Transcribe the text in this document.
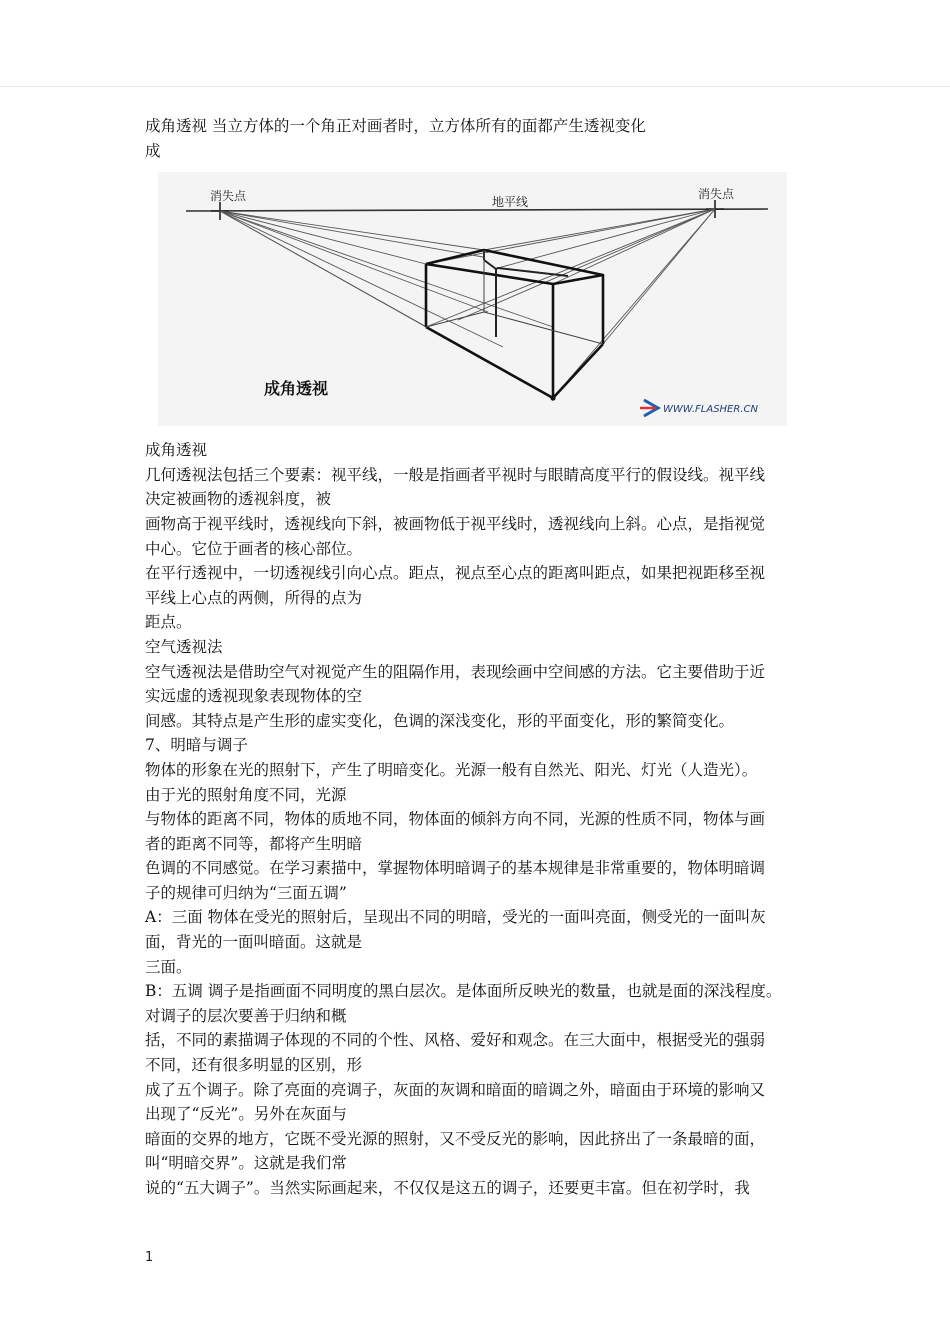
成角透视 当立方体的一个角正对画者时，立方体所有的面都产生透视变化
成
消失点	地平线
消失点
成角透视
WWW.FLASHER.CN
成角透视
几何透视法包括三个要素：视平线，一般是指画者平视时与眼睛高度平行的假设线。视平线
决定被画物的透视斜度，被
画物高于视平线时，透视线向下斜，被画物低于视平线时，透视线向上斜。心点，是指视觉
中心。它位于画者的核心部位。
在平行透视中，一切透视线引向心点。距点，视点至心点的距离叫距点，如果把视距移至视
平线上心点的两侧，所得的点为
距点。
空气透视法
空气透视法是借助空气对视觉产生的阻隔作用，表现绘画中空间感的方法。它主要借助于近
实远虚的透视现象表现物体的空
间感。其特点是产生形的虚实变化，色调的深浅变化，形的平面变化，形的繁简变化。
7、明暗与调子
物体的形象在光的照射下，产生了明暗变化。光源一般有自然光、阳光、灯光（人造光）。
由于光的照射角度不同，光源
与物体的距离不同，物体的质地不同，物体面的倾斜方向不同，光源的性质不同，物体与画
者的距离不同等，都将产生明暗
色调的不同感觉。在学习素描中，掌握物体明暗调子的基本规律是非常重要的，物体明暗调
子的规律可归纳为“三面五调”
A：三面 物体在受光的照射后，呈现出不同的明暗，受光的一面叫亮面，侧受光的一面叫灰
面，背光的一面叫暗面。这就是
三面。
B：五调 调子是指画面不同明度的黑白层次。是体面所反映光的数量，也就是面的深浅程度。
对调子的层次要善于归纳和概
括，不同的素描调子体现的不同的个性、风格、爱好和观念。在三大面中，根据受光的强弱
不同，还有很多明显的区别，形
成了五个调子。除了亮面的亮调子，灰面的灰调和暗面的暗调之外，暗面由于环境的影响又
出现了“反光”。另外在灰面与
暗面的交界的地方，它既不受光源的照射，又不受反光的影响，因此挤出了一条最暗的面，
叫“明暗交界”。这就是我们常
说的“五大调子”。当然实际画起来，不仅仅是这五的调子，还要更丰富。但在初学时，我
1
